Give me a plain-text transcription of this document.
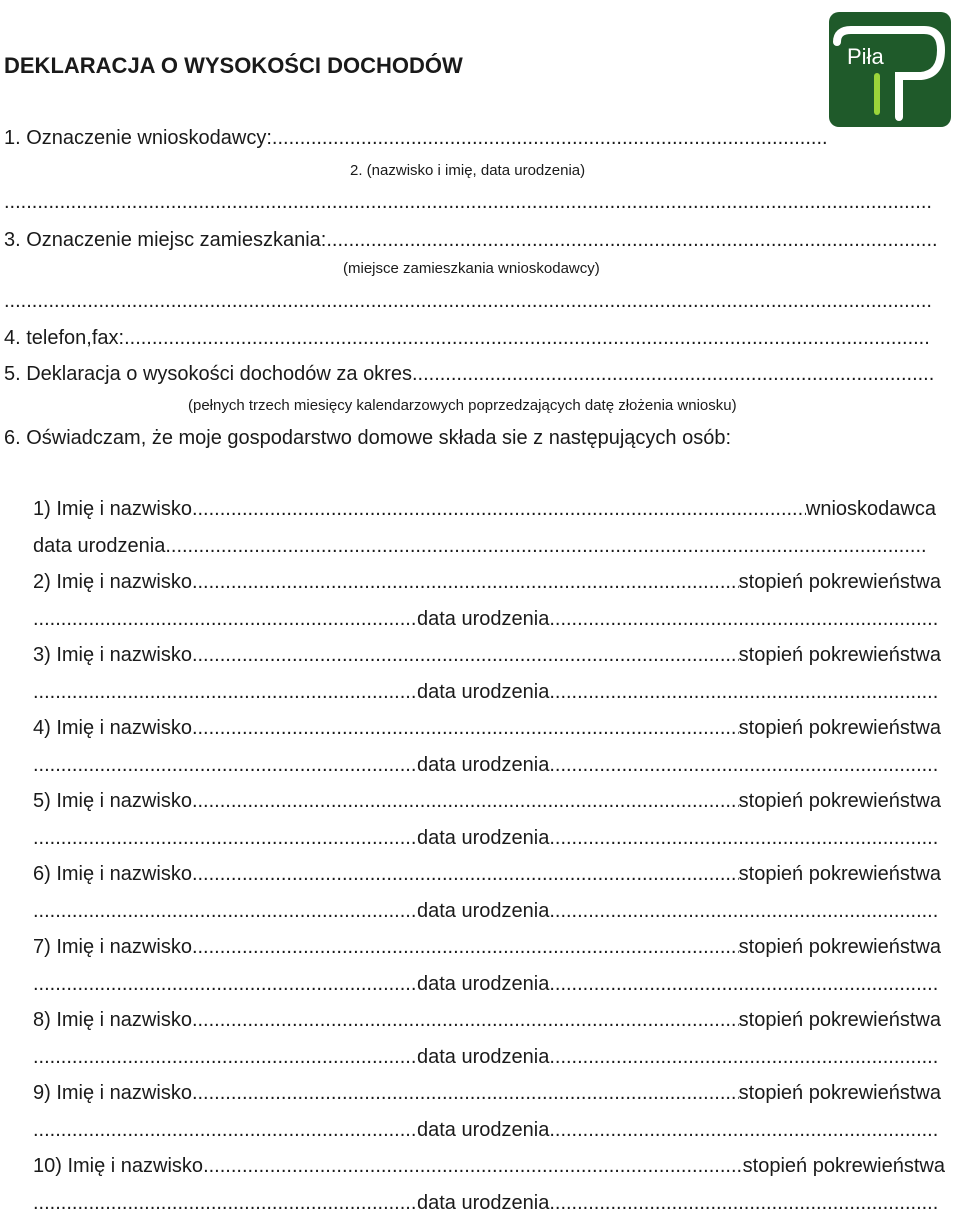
Piła
DEKLARACJA O WYSOKOŚCI DOCHODÓW
1. Oznaczenie wnioskodawcy:
.....
2. (nazwisko i imię, data urodzenia)
.....
3. Oznaczenie miejsc zamieszkania:
.....
(miejsce zamieszkania wnioskodawcy)
.....
4. telefon,fax:
.....
5. Deklaracja o wysokości dochodów za okres
.....
(pełnych trzech miesięcy kalendarzowych poprzedzających datę złożenia wniosku)
6. Oświadczam, że moje gospodarstwo domowe składa sie z następujących osób:
1) Imię i nazwisko .....	wnioskodawca
data urodzenia
.....
2) Imię i nazwisko .....	stopień pokrewieństwa
.....
data urodzenia
.....
3) Imię i nazwisko .....	stopień pokrewieństwa
.....
data urodzenia
.....
4) Imię i nazwisko .....	stopień pokrewieństwa
.....
data urodzenia
.....
5) Imię i nazwisko .....	stopień pokrewieństwa
.....
data urodzenia
.....
6) Imię i nazwisko .....	stopień pokrewieństwa
.....
data urodzenia
.....
7) Imię i nazwisko .....	stopień pokrewieństwa
.....
data urodzenia
.....
8) Imię i nazwisko .....	stopień pokrewieństwa
.....
data urodzenia
.....
9) Imię i nazwisko .....	stopień pokrewieństwa
.....
data urodzenia
.....
10) Imię i nazwisko .....	stopień pokrewieństwa
.....
data urodzenia
.....
